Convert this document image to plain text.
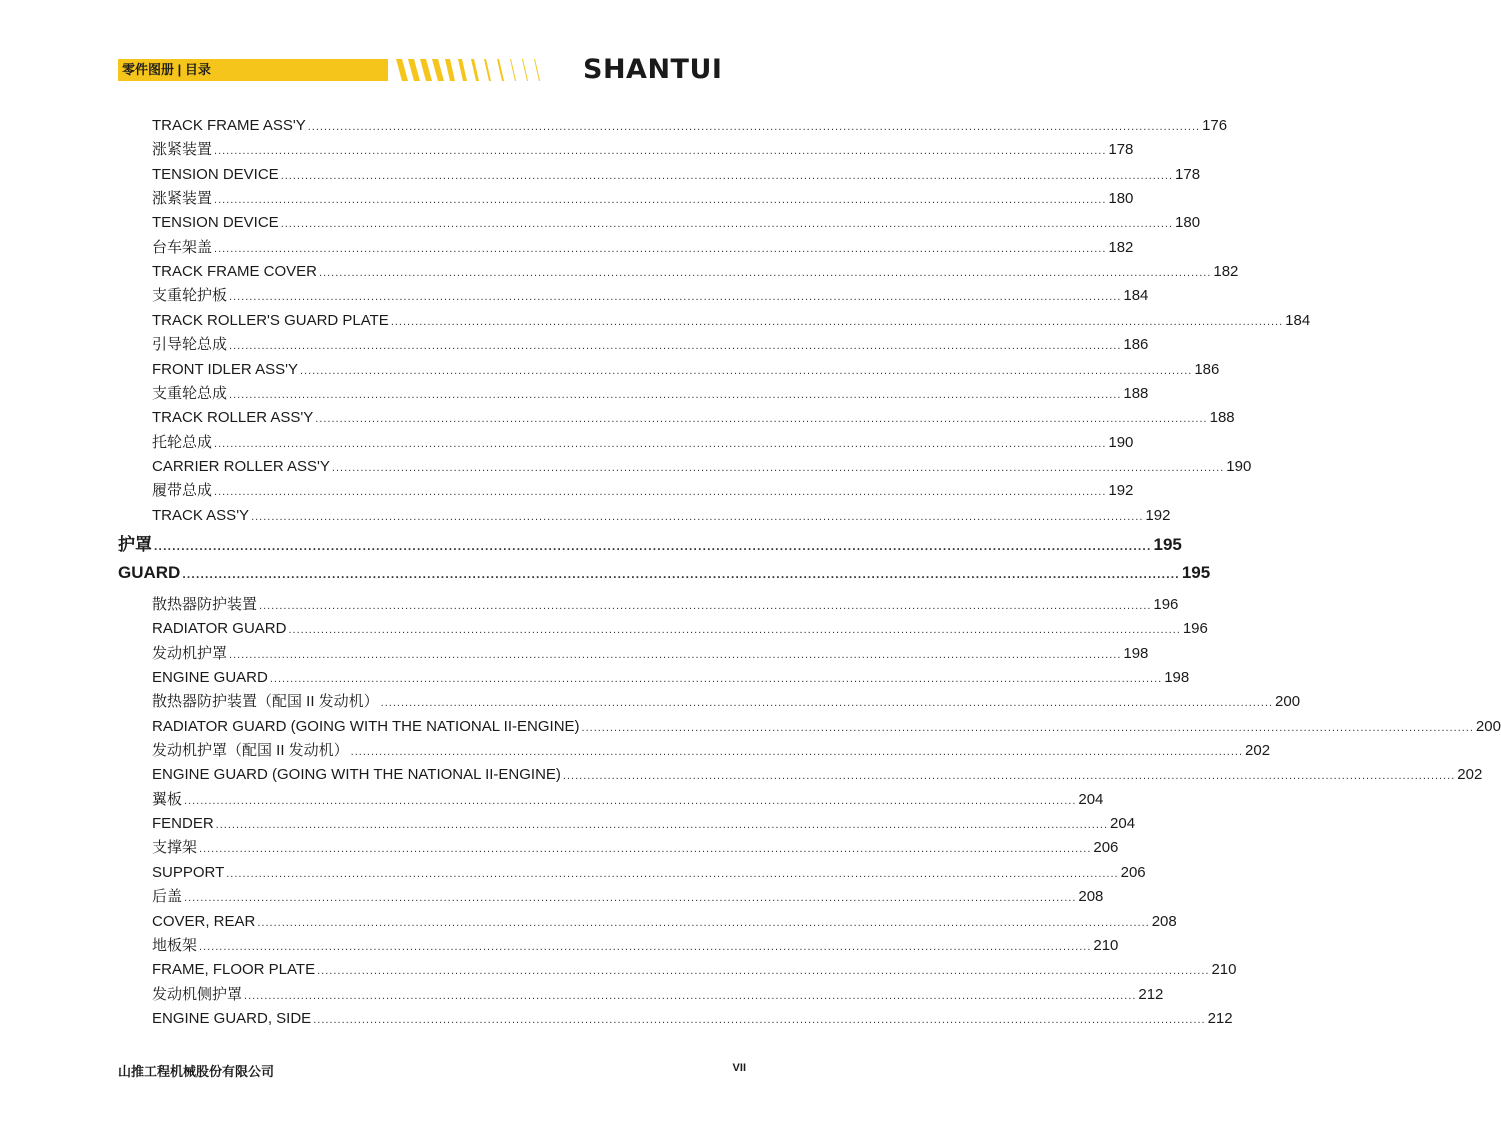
零件图册 | 目录	SHANTUI
TRACK FRAME ASS'Y ............................................................................................................................................................................................................................ 176
涨紧装置 ............................................................................................................................................................................................................................ 178
TENSION DEVICE ............................................................................................................................................................................................................................ 178
涨紧装置 ............................................................................................................................................................................................................................ 180
TENSION DEVICE ............................................................................................................................................................................................................................ 180
台车架盖 ............................................................................................................................................................................................................................ 182
TRACK FRAME COVER ............................................................................................................................................................................................................................ 182
支重轮护板 ............................................................................................................................................................................................................................ 184
TRACK ROLLER'S GUARD PLATE ............................................................................................................................................................................................................................ 184
引导轮总成 ............................................................................................................................................................................................................................ 186
FRONT IDLER ASS'Y ............................................................................................................................................................................................................................ 186
支重轮总成 ............................................................................................................................................................................................................................ 188
TRACK ROLLER ASS'Y ............................................................................................................................................................................................................................ 188
托轮总成 ............................................................................................................................................................................................................................ 190
CARRIER ROLLER ASS'Y ............................................................................................................................................................................................................................ 190
履带总成 ............................................................................................................................................................................................................................ 192
TRACK ASS'Y ............................................................................................................................................................................................................................ 192
护罩 ............................................................................................................................................................................................................................ 195
GUARD ............................................................................................................................................................................................................................ 195
散热器防护装置 ............................................................................................................................................................................................................................ 196
RADIATOR GUARD ............................................................................................................................................................................................................................ 196
发动机护罩 ............................................................................................................................................................................................................................ 198
ENGINE GUARD ............................................................................................................................................................................................................................ 198
散热器防护装置（配国 II 发动机） ............................................................................................................................................................................................................................ 200
RADIATOR GUARD (GOING WITH THE NATIONAL II-ENGINE) ............................................................................................................................................................................................................................ 200
发动机护罩（配国 II 发动机） ............................................................................................................................................................................................................................ 202
ENGINE GUARD (GOING WITH THE NATIONAL II-ENGINE) ............................................................................................................................................................................................................................ 202
翼板 ............................................................................................................................................................................................................................ 204
FENDER ............................................................................................................................................................................................................................ 204
支撑架 ............................................................................................................................................................................................................................ 206
SUPPORT ............................................................................................................................................................................................................................ 206
后盖 ............................................................................................................................................................................................................................ 208
COVER, REAR ............................................................................................................................................................................................................................ 208
地板架 ............................................................................................................................................................................................................................ 210
FRAME, FLOOR PLATE ............................................................................................................................................................................................................................ 210
发动机侧护罩 ............................................................................................................................................................................................................................ 212
ENGINE GUARD, SIDE ............................................................................................................................................................................................................................ 212
山推工程机械股份有限公司	VII
